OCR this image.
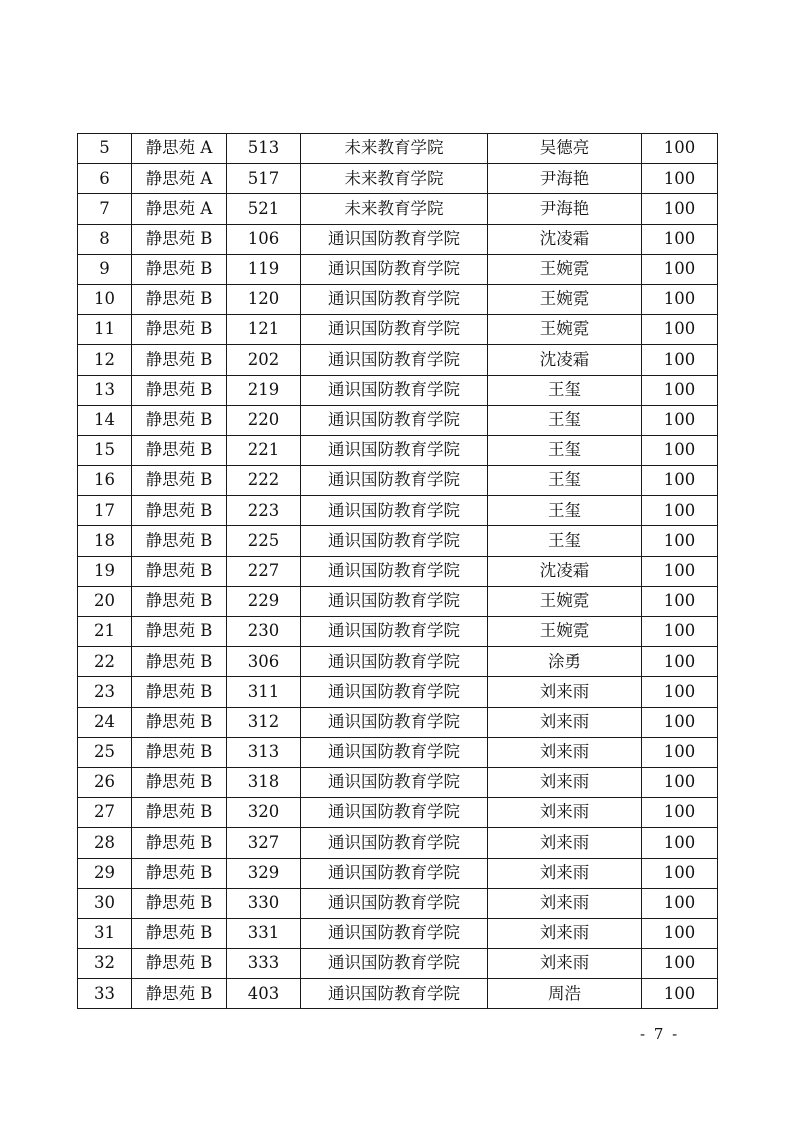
5	静思苑 A	513	未来教育学院	吴德亮	100
6	静思苑 A	517	未来教育学院	尹海艳	100
7	静思苑 A	521	未来教育学院	尹海艳	100
8	静思苑 B	106	通识国防教育学院	沈凌霜	100
9	静思苑 B	119	通识国防教育学院	王婉霓	100
10	静思苑 B	120	通识国防教育学院	王婉霓	100
11	静思苑 B	121	通识国防教育学院	王婉霓	100
12	静思苑 B	202	通识国防教育学院	沈凌霜	100
13	静思苑 B	219	通识国防教育学院	王玺	100
14	静思苑 B	220	通识国防教育学院	王玺	100
15	静思苑 B	221	通识国防教育学院	王玺	100
16	静思苑 B	222	通识国防教育学院	王玺	100
17	静思苑 B	223	通识国防教育学院	王玺	100
18	静思苑 B	225	通识国防教育学院	王玺	100
19	静思苑 B	227	通识国防教育学院	沈凌霜	100
20	静思苑 B	229	通识国防教育学院	王婉霓	100
21	静思苑 B	230	通识国防教育学院	王婉霓	100
22	静思苑 B	306	通识国防教育学院	涂勇	100
23	静思苑 B	311	通识国防教育学院	刘来雨	100
24	静思苑 B	312	通识国防教育学院	刘来雨	100
25	静思苑 B	313	通识国防教育学院	刘来雨	100
26	静思苑 B	318	通识国防教育学院	刘来雨	100
27	静思苑 B	320	通识国防教育学院	刘来雨	100
28	静思苑 B	327	通识国防教育学院	刘来雨	100
29	静思苑 B	329	通识国防教育学院	刘来雨	100
30	静思苑 B	330	通识国防教育学院	刘来雨	100
31	静思苑 B	331	通识国防教育学院	刘来雨	100
32	静思苑 B	333	通识国防教育学院	刘来雨	100
33	静思苑 B	403	通识国防教育学院	周浩	100
- 7 -
